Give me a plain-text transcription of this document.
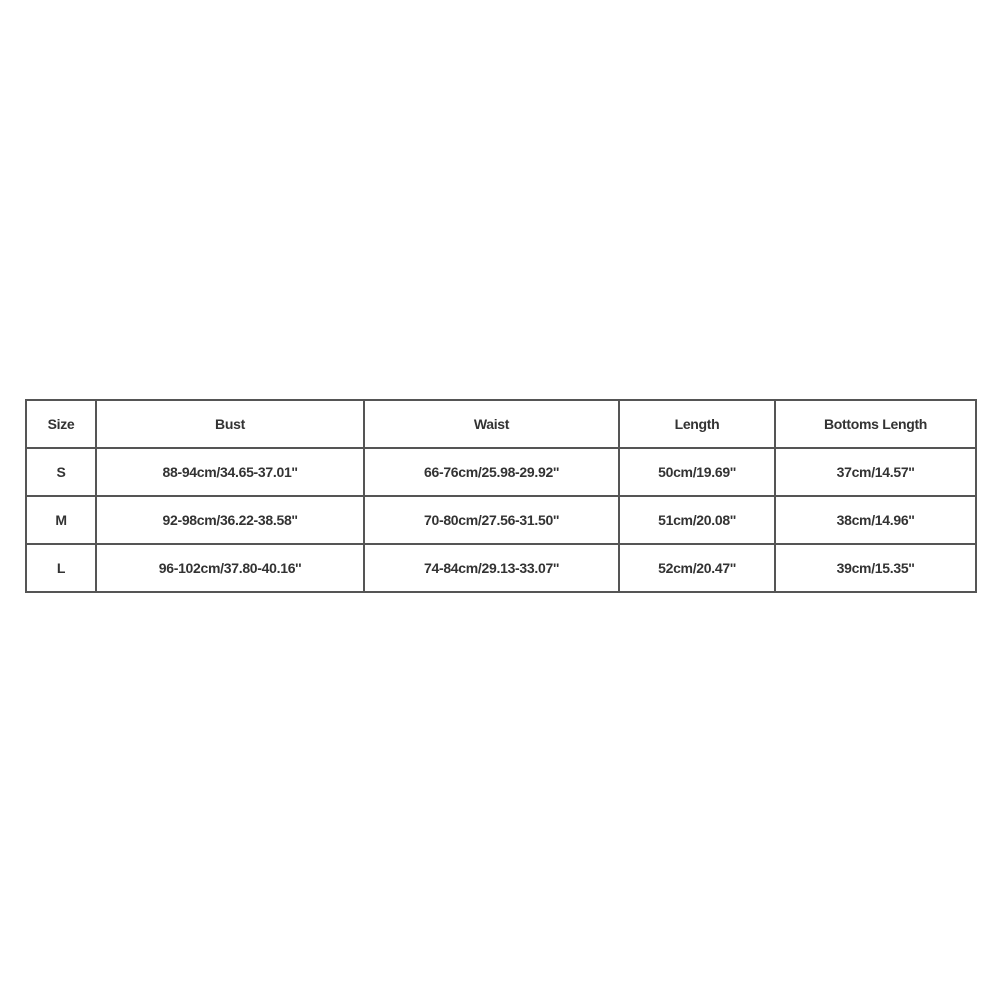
Size	Bust	Waist	Length	Bottoms Length
S	88-94cm/34.65-37.01''	66-76cm/25.98-29.92''	50cm/19.69''	37cm/14.57''
M	92-98cm/36.22-38.58''	70-80cm/27.56-31.50''	51cm/20.08''	38cm/14.96''
L	96-102cm/37.80-40.16''	74-84cm/29.13-33.07''	52cm/20.47''	39cm/15.35''
